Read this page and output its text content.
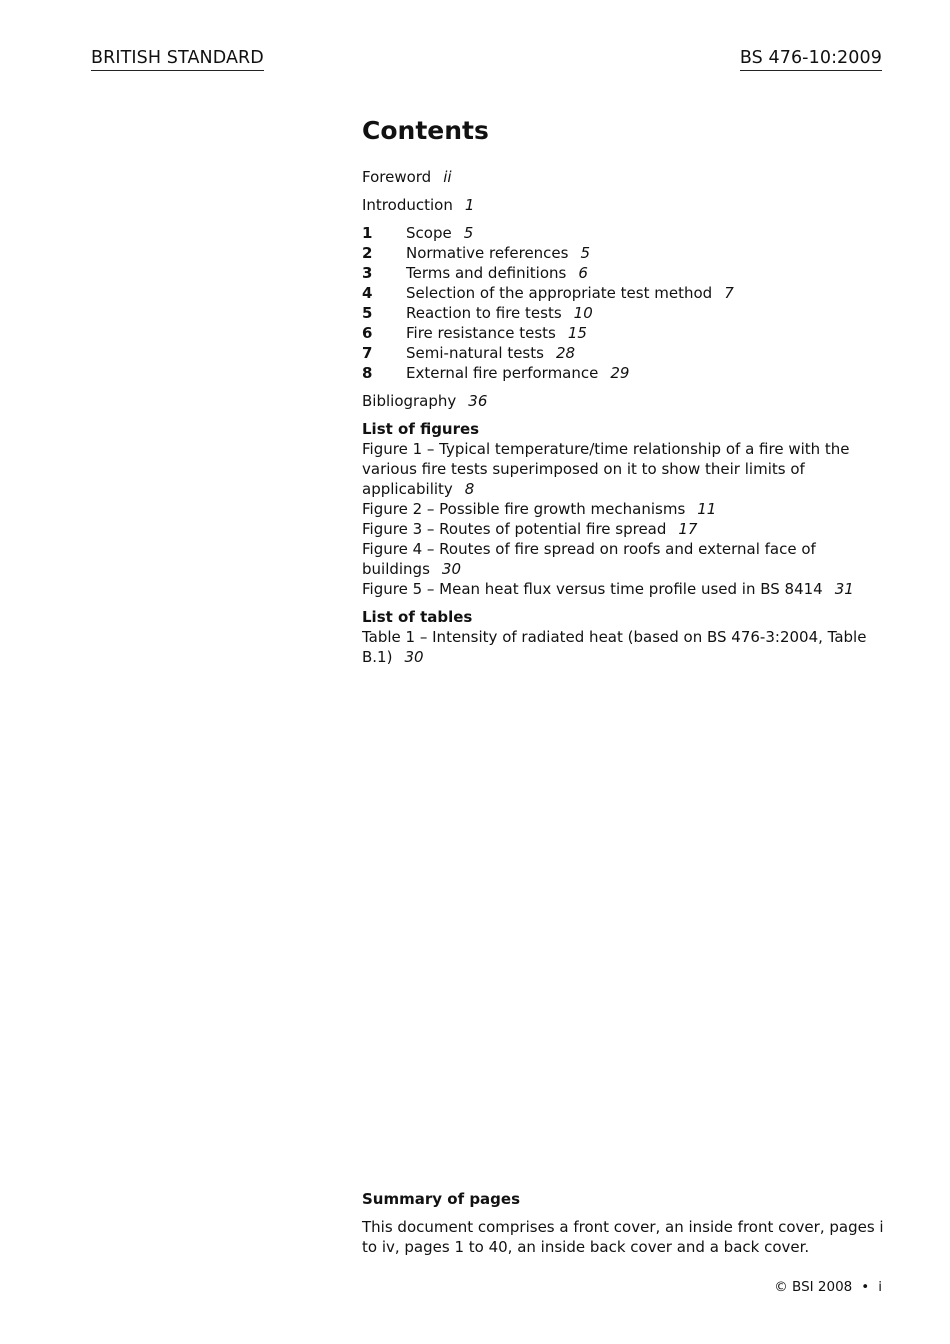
BRITISH STANDARD	BS 476-10:2009
Contents

Foreword ii

Introduction 1

1	Scope 5
2	Normative references 5
3	Terms and definitions 6
4	Selection of the appropriate test method 7
5	Reaction to fire tests 10
6	Fire resistance tests 15
7	Semi-natural tests 28
8	External fire performance 29

Bibliography 36

List of figures

Figure 1 – Typical temperature/time relationship of a fire with the various fire tests superimposed on it to show their limits of applicability 8

Figure 2 – Possible fire growth mechanisms 11

Figure 3 – Routes of potential fire spread 17

Figure 4 – Routes of fire spread on roofs and external face of buildings 30

Figure 5 – Mean heat flux versus time profile used in BS 8414 31

List of tables

Table 1 – Intensity of radiated heat (based on BS 476-3:2004, Table B.1) 30

Summary of pages

This document comprises a front cover, an inside front cover, pages i to iv, pages 1 to 40, an inside back cover and a back cover.

© BSI 2008 • i
